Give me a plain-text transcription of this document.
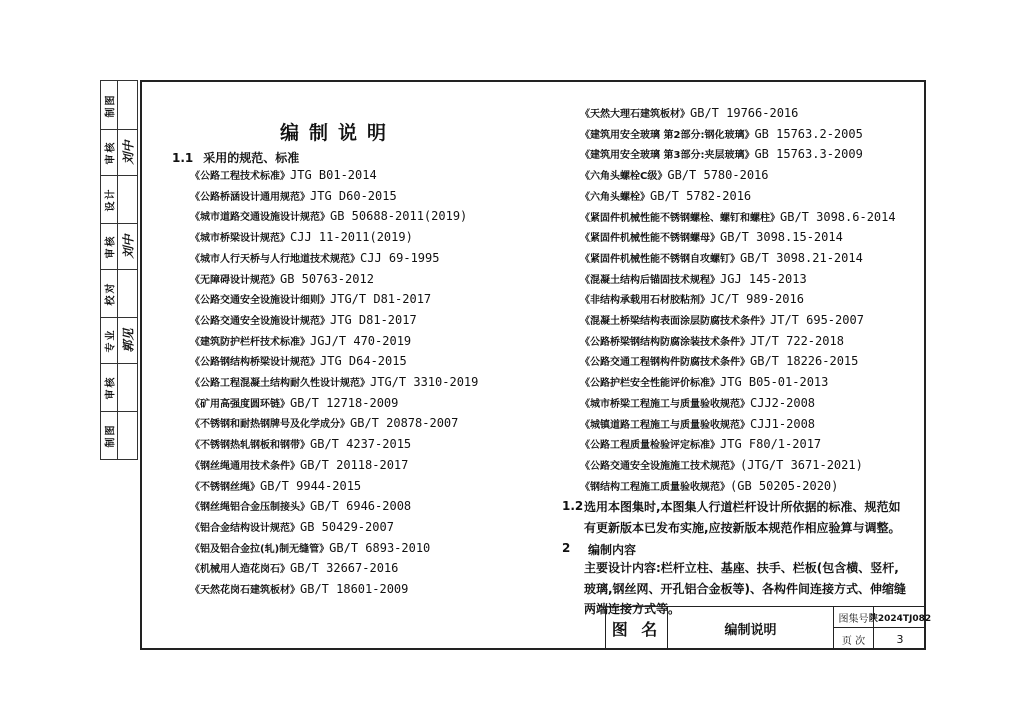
制图
审核 刘中
设计
审核 刘中
校对
专业 郭见
审核
制图
编制说明
1.1 采用的规范、标准
《公路工程技术标准》JTG B01-2014
《公路桥涵设计通用规范》JTG D60-2015
《城市道路交通设施设计规范》GB 50688-2011(2019)
《城市桥梁设计规范》CJJ 11-2011(2019)
《城市人行天桥与人行地道技术规范》CJJ 69-1995
《无障碍设计规范》GB 50763-2012
《公路交通安全设施设计细则》JTG/T D81-2017
《公路交通安全设施设计规范》JTG D81-2017
《建筑防护栏杆技术标准》JGJ/T 470-2019
《公路钢结构桥梁设计规范》JTG D64-2015
《公路工程混凝土结构耐久性设计规范》JTG/T 3310-2019
《矿用高强度圆环链》GB/T 12718-2009
《不锈钢和耐热钢牌号及化学成分》GB/T 20878-2007
《不锈钢热轧钢板和钢带》GB/T 4237-2015
《钢丝绳通用技术条件》GB/T 20118-2017
《不锈钢丝绳》GB/T 9944-2015
《钢丝绳铝合金压制接头》GB/T 6946-2008
《铝合金结构设计规范》GB 50429-2007
《铝及铝合金拉(轧)制无缝管》GB/T 6893-2010
《机械用人造花岗石》GB/T 32667-2016
《天然花岗石建筑板材》GB/T 18601-2009
《天然大理石建筑板材》GB/T 19766-2016
《建筑用安全玻璃 第2部分:钢化玻璃》GB 15763.2-2005
《建筑用安全玻璃 第3部分:夹层玻璃》GB 15763.3-2009
《六角头螺栓C级》GB/T 5780-2016
《六角头螺栓》GB/T 5782-2016
《紧固件机械性能不锈钢螺栓、螺钉和螺柱》GB/T 3098.6-2014
《紧固件机械性能不锈钢螺母》GB/T 3098.15-2014
《紧固件机械性能不锈钢自攻螺钉》GB/T 3098.21-2014
《混凝土结构后锚固技术规程》JGJ 145-2013
《非结构承载用石材胶粘剂》JC/T 989-2016
《混凝土桥梁结构表面涂层防腐技术条件》JT/T 695-2007
《公路桥梁钢结构防腐涂装技术条件》JT/T 722-2018
《公路交通工程钢构件防腐技术条件》GB/T 18226-2015
《公路护栏安全性能评价标准》JTG B05-01-2013
《城市桥梁工程施工与质量验收规范》CJJ2-2008
《城镇道路工程施工与质量验收规范》CJJ1-2008
《公路工程质量检验评定标准》JTG F80/1-2017
《公路交通安全设施施工技术规范》(JTG/T 3671-2021)
《钢结构工程施工质量验收规范》(GB 50205-2020)
1.2 选用本图集时,本图集人行道栏杆设计所依据的标准、规范如有更新版本已发布实施,应按新版本规范作相应验算与调整。
2 编制内容
主要设计内容:栏杆立柱、基座、扶手、栏板(包含横、竖杆,玻璃,钢丝网、开孔铝合金板等)、各构件间连接方式、伸缩缝两端连接方式等。
图 名	编制说明
图集号 陕2024TJ082
页 次	3
